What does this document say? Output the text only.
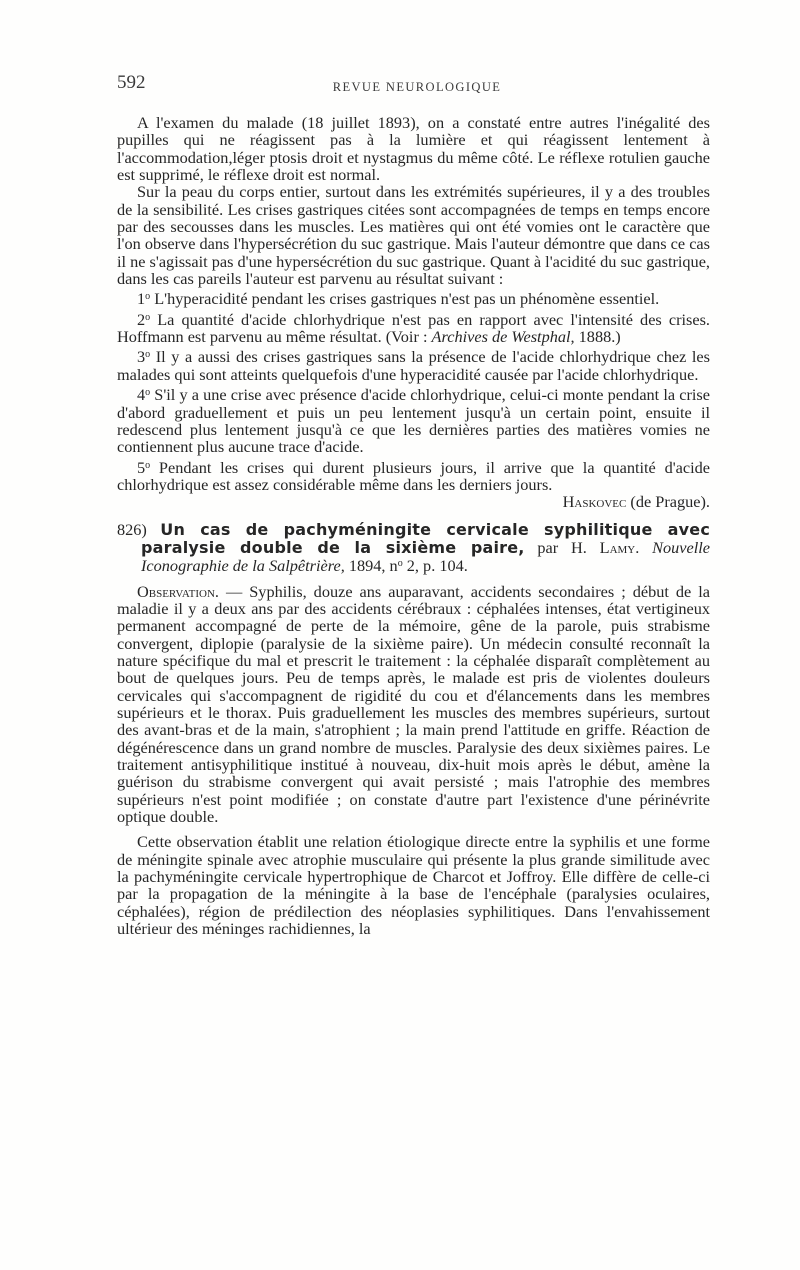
592	REVUE NEUROLOGIQUE

A l'examen du malade (18 juillet 1893), on a constaté entre autres l'inégalité des pupilles qui ne réagissent pas à la lumière et qui réagissent lentement à l'accommodation,léger ptosis droit et nystagmus du même côté. Le réflexe rotulien gauche est supprimé, le réflexe droit est normal.

Sur la peau du corps entier, surtout dans les extrémités supérieures, il y a des troubles de la sensibilité. Les crises gastriques citées sont accompagnées de temps en temps encore par des secousses dans les muscles. Les matières qui ont été vomies ont le caractère que l'on observe dans l'hypersécrétion du suc gastrique. Mais l'auteur démontre que dans ce cas il ne s'agissait pas d'une hypersécrétion du suc gastrique. Quant à l'acidité du suc gastrique, dans les cas pareils l'auteur est parvenu au résultat suivant :

1$^o$ L'hyperacidité pendant les crises gastriques n'est pas un phénomène essentiel.

2$^o$ La quantité d'acide chlorhydrique n'est pas en rapport avec l'intensité des crises. Hoffmann est parvenu au même résultat. (Voir : Archives de Westphal, 1888.)

3$^o$ Il y a aussi des crises gastriques sans la présence de l'acide chlorhydrique chez les malades qui sont atteints quelquefois d'une hyperacidité causée par l'acide chlorhydrique.

4$^o$ S'il y a une crise avec présence d'acide chlorhydrique, celui-ci monte pendant la crise d'abord graduellement et puis un peu lentement jusqu'à un certain point, ensuite il redescend plus lentement jusqu'à ce que les dernières parties des matières vomies ne contiennent plus aucune trace d'acide.

5$^o$ Pendant les crises qui durent plusieurs jours, il arrive que la quantité d'acide chlorhydrique est assez considérable même dans les derniers jours.

Haskovec (de Prague).

826) Un cas de pachyméningite cervicale syphilitique avec paralysie double de la sixième paire, par H. Lamy. Nouvelle Iconographie de la Salpêtrière, 1894, $n^o$ 2, p. 104.

Observation. — Syphilis, douze ans auparavant, accidents secondaires ; début de la maladie il y a deux ans par des accidents cérébraux : céphalées intenses, état vertigineux permanent accompagné de perte de la mémoire, gêne de la parole, puis strabisme convergent, diplopie (paralysie de la sixième paire). Un médecin consulté reconnaît la nature spécifique du mal et prescrit le traitement : la céphalée disparaît complètement au bout de quelques jours. Peu de temps après, le malade est pris de violentes douleurs cervicales qui s'accompagnent de rigidité du cou et d'élancements dans les membres supérieurs et le thorax. Puis graduellement les muscles des membres supérieurs, surtout des avant-bras et de la main, s'atrophient ; la main prend l'attitude en griffe. Réaction de dégénérescence dans un grand nombre de muscles. Paralysie des deux sixièmes paires. Le traitement antisyphilitique institué à nouveau, dix-huit mois après le début, amène la guérison du strabisme convergent qui avait persisté ; mais l'atrophie des membres supérieurs n'est point modifiée ; on constate d'autre part l'existence d'une périnévrite optique double.

Cette observation établit une relation étiologique directe entre la syphilis et une forme de méningite spinale avec atrophie musculaire qui présente la plus grande similitude avec la pachyméningite cervicale hypertrophique de Charcot et Joffroy. Elle diffère de celle-ci par la propagation de la méningite à la base de l'encéphale (paralysies oculaires, céphalées), région de prédilection des néoplasies syphilitiques. Dans l'envahissement ultérieur des méninges rachidiennes, la
